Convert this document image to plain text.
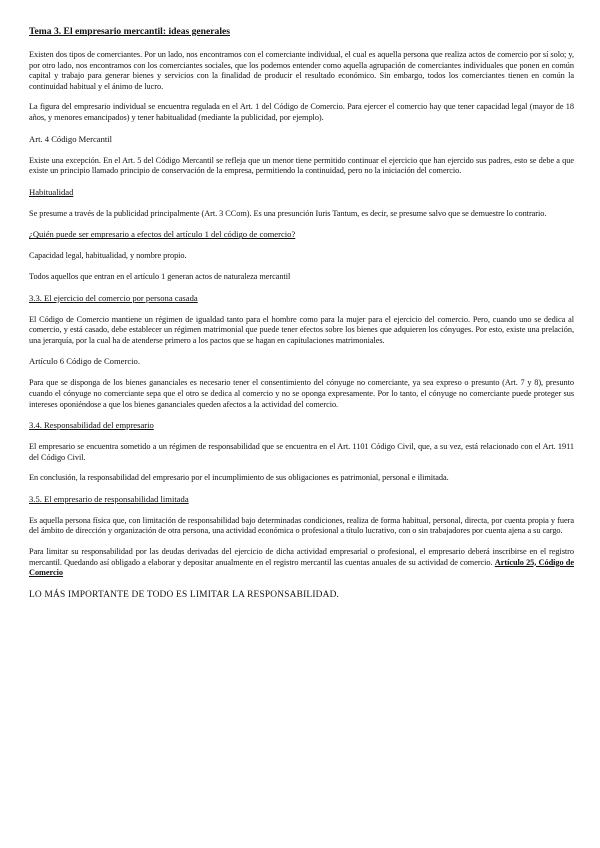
Tema 3. El empresario mercantil: ideas generales

Existen dos tipos de comerciantes. Por un lado, nos encontramos con el comerciante individual, el cual es aquella persona que realiza actos de comercio por sí solo; y, por otro lado, nos encontramos con los comerciantes sociales, que los podemos entender como aquella agrupación de comerciantes individuales que ponen en común capital y trabajo para generar bienes y servicios con la finalidad de producir el resultado económico. Sin embargo, todos los comerciantes tienen en común la continuidad habitual y el ánimo de lucro.

La figura del empresario individual se encuentra regulada en el Art. 1 del Código de Comercio. Para ejercer el comercio hay que tener capacidad legal (mayor de 18 años, y menores emancipados) y tener habitualidad (mediante la publicidad, por ejemplo).

Art. 4 Código Mercantil

Existe una excepción. En el Art. 5 del Código Mercantil se refleja que un menor tiene permitido continuar el ejercicio que han ejercido sus padres, esto se debe a que existe un principio llamado principio de conservación de la empresa, permitiendo la continuidad, pero no la iniciación del comercio.

Habitualidad

Se presume a través de la publicidad principalmente (Art. 3 CCom). Es una presunción Iuris Tantum, es decir, se presume salvo que se demuestre lo contrario.

¿Quién puede ser empresario a efectos del artículo 1 del código de comercio?

Capacidad legal, habitualidad, y nombre propio.

Todos aquellos que entran en el artículo 1 generan actos de naturaleza mercantil

3.3. El ejercicio del comercio por persona casada

El Código de Comercio mantiene un régimen de igualdad tanto para el hombre como para la mujer para el ejercicio del comercio. Pero, cuando uno se dedica al comercio, y está casado, debe establecer un régimen matrimonial que puede tener efectos sobre los bienes que adquieren los cónyuges. Por esto, existe una prelación, una jerarquía, por la cual ha de atenderse primero a los pactos que se hagan en capitulaciones matrimoniales.

Artículo 6 Código de Comercio.

Para que se disponga de los bienes gananciales es necesario tener el consentimiento del cónyuge no comerciante, ya sea expreso o presunto (Art. 7 y 8), presunto cuando el cónyuge no comerciante sepa que el otro se dedica al comercio y no se oponga expresamente. Por lo tanto, el cónyuge no comerciante puede proteger sus intereses oponiéndose a que los bienes gananciales queden afectos a la actividad del comercio.

3.4. Responsabilidad del empresario

El empresario se encuentra sometido a un régimen de responsabilidad que se encuentra en el Art. 1101 Código Civil, que, a su vez, está relacionado con el Art. 1911 del Código Civil.

En conclusión, la responsabilidad del empresario por el incumplimiento de sus obligaciones es patrimonial, personal e ilimitada.

3.5. El empresario de responsabilidad limitada

Es aquella persona física que, con limitación de responsabilidad bajo determinadas condiciones, realiza de forma habitual, personal, directa, por cuenta propia y fuera del ámbito de dirección y organización de otra persona, una actividad económica o profesional a título lucrativo, con o sin trabajadores por cuenta ajena a su cargo.

Para limitar su responsabilidad por las deudas derivadas del ejercicio de dicha actividad empresarial o profesional, el empresario deberá inscribirse en el registro mercantil. Quedando así obligado a elaborar y depositar anualmente en el registro mercantil las cuentas anuales de su actividad de comercio. Artículo 25, Código de Comercio

LO MÁS IMPORTANTE DE TODO ES LIMITAR LA RESPONSABILIDAD.
